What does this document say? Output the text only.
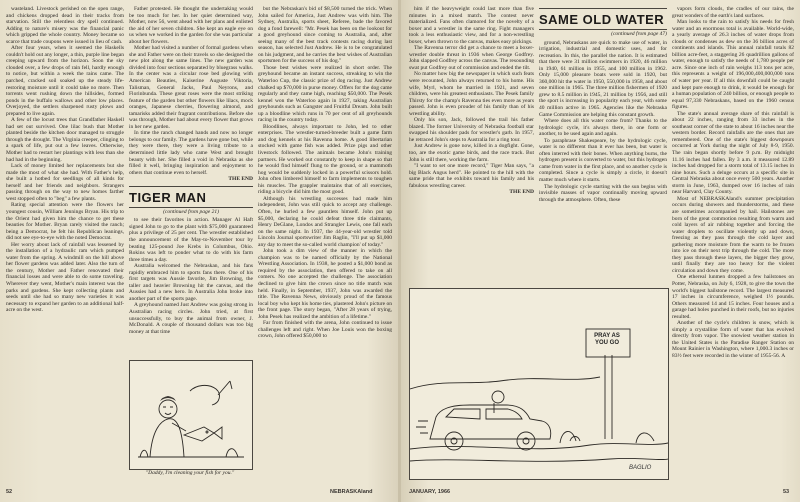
wasteland. Livestock perished on the open range, and chickens dropped dead in their tracks from starvation. Still the relentless dry spell continued. Adding to nature's misery was the financial panic which gripped the whole country. Money became so scarce that trade coupons were issued in lieu of cash.

After four years, when it seemed the Haskells couldn't hold out any longer, a thin, purple line began creeping upward from the horizon. Soon the sky clouded over, a few drops of rain fell, hardly enough to notice, but within a week the rains came. The parched, cracked soil soaked up the steady life-restoring moisture until it could take no more. Then torrents went rushing down the hillsides, formed ponds in the buffalo wallows and other low places. Overjoyed, the settlers sharpened rusty plows and prepared to live again.

A few of the locust trees that Grandfather Haskell had set out survived. One lilac bush that Mother planted beside the kitchen door managed to struggle through the drought. The Virginia creeper, clinging to a spark of life, put out a few leaves. Otherwise, Mother had to restart her plantings with less than she had had in the beginning.

Lack of money limited her replacements but she made the most of what she had. With Father's help, she built a hotbed for seedlings of all kinds for herself and her friends and neighbors. Strangers passing through on the way to new homes farther west stopped often to "beg" a few plants.

Rating special attention were the flowers her youngest cousin, William Jennings Bryan. His trip to the Orient had given him the chance to get these beauties for Mother. Bryan rarely visited the ranch; being a Democrat, he felt his Republican leanings, did not see eye-to-eye with the noted Democrat.

Her worry about lack of rainfall was lessened by the installation of a hydraulic ram which pumped water from the spring. A windmill on the hill above her flower gardens was added later. Also the turn of the century, Mother and Father renovated their financial losses and were able to do some traveling. Wherever they went, Mother's main interest was the parks and gardens. She kept collecting plants and seeds until she had so many new varieties it was necessary to expand her garden to an additional half-acre on the west.

Father protested. He thought the undertaking would be too much for her. In her quiet determined way, Mother, now 56, went ahead with her plans and enlisted the aid of her seven children. She kept an eagle eye on us when we worked in the garden for she was particular about her flowers.

Mother had visited a number of formal gardens when she and Father were on their travels so she designed the new plot along the same lines. The new garden was divided into four sections separated by bluegrass walks. In the center was a circular rose bed glowing with American Beauties, Kaiserine Auguste Viktoria, Talisman, General Jacks, Paul Neyrons, and Florinbunda. These great roses were the most striking feature of the garden but other flowers like lilacs, mock oranges, Japanese cherries, flowering almond, and tamarisks added their fragrant contributions. Before she was through, Mother had about every flower that grows in her new garden.

In time the ranch changed hands and now no longer belongs to our family. The gardens have gone but, while they were there, they were a living tribute to a determined little lady who came West and brought beauty with her. She filled a void in Nebraska as she filled it well, bringing inspiration and enjoyment to others that continue even to herself.

THE END

TIGER MAN
(continued from page 21)

to see their favorites in action. Manager Al Haft signed John to go to the plant with $75,000 guaranteed plus a privilege of 25 per cent. The wrestler established the announcement of the May-to-November tour by beating 125-pound Joe Krebs in Columbus, Ohio. Rokins was left to ponder what to do with his farm three times a day.

Australia welcomed the Nebraskan, and his fans rapidly embraced him to sports fans there. One of his first targets was Aussie favorite, Jim Browning, the taller and heavier Browning hit the canvas, and the Aussies had a new hero. In Australia John broke into another part of the sports page.

A greyhound named Just Andrew was going strong in Australian racing circles. John tried, at first unsuccessfully, to buy the animal from owner, J. McDonald. A couple of thousand dollars was too big money at that time

but the Nebraskan's bid of $8,500 turned the trick. When John sailed for America, Just Andrew was with him. The Sydney, Australia, sports sheet, Referee, bade the favored dog a fond farewell: "Mr. Pesek has been on the lookout for a good greyhound since coming to Australia, and, after seeing many of the best track contests racing during last season, has selected Just Andrew. He is to be congratulated on his judgment, and he carries the best wishes of Australian sportsmen for the success of his dog."

Those best wishes were realized in short order. The greyhound became an instant success, streaking to win the Waterloo Cup, the classic prize of dog racing. Just Andrew chalked up $70,000 in purse money. Offers for the dog came regularly and they came high, reaching $50,000. The Pesek kennel won the Waterloo again in 1927, taking Australian greyhounds such as Gangster and Fruitful Dream. John built up a bloodline which runs in 70 per cent of all greyhounds racing in the country today.

Bloodlines, always important to John, led to other enterprises. The wrestler-turned-breeder built a game farm and dog kennels at his Ravenna home. A good libertarian stocked with game fish was added. Prize pigs and other livestock followed. The animals became John's training partners. He worked out constantly to keep in shape so that he would find himself flung to the ground, or a mammoth hog would be suddenly locked in a powerful scissors hold. John often limbered himself to farm implements to toughen his muscles. The grappler maintains that of all exercises, riding a bicycle did him the most good.

Although his wrestling successes had made him independent, John was still quick to accept any challenge. Often, he hurled a few gauntlets himself. John put up $5,000, declaring he could defeat three title claimants, Henry DeGlane, Londos and Strangler Lewis, one fall each on the same night. In 1937, the 44-year-old wrestler told Lincoln Journal sportswriter Jim Raglin, "I'll put up $1,000 any day to meet the so-called world champion' of today."

John took a dim view of the manner in which the champion was to be named officially by the National Wrestling Association. In 1938, he posted a $1,000 bond as required by the association, then offered to take on all comers. No one accepted the challenge. The association declined to give him the crown since no title match was held. Finally, in September, 1937, John was awarded the title. The Ravenna News, obviously proud of the famous local boy who kept his home ties, plastered John's picture on the front page. The story began, "After 28 years of trying, John Pesek has realized the ambition of a lifetime."

Far from finished with the arena, John continued to issue challenges left and right. When Joe Louis won the boxing crown, John offered $50,000 to

"Daddy, I'm cleaning your fish for you."
52	NEBRASKAland

him if the heavyweight could last more than five minutes in a mixed match. The contest never materialized. Fans often clamored for the novelty of a boxer and a wrestler in the same ring. Fight managers took a less enthusiastic view, and for a non-wrestling boxer, when thrown to the canvas, makes easy pickings.

The Ravenna terror did get a chance to meet a boxer-wrestler double threat in 1936 when George Godfrey. John slapped Godfrey across the canvas. The resounding swat put Godfrey out of commission and ended the tilt.

No matter how big the newspaper in which such feats were recounted, John always returned to his home. His wife, Myrl, whom he married in 1921, and seven children, were his greatest enthusiasts. The Pesek family Thirsty for the champ's Ravenna ties even more as years passed. John is even prouder of his family than of his wrestling ability.

Only his son, Jack, followed the trail his father blazed. The former University of Nebraska football star swapped his shoulder pads for wrestler's garb. In 1957, he retraced John's steps to Australia for a ring tour.

Just Andrew is gone now, killed in a dogfight. Gone, too, are the exotic game birds, and the race track. But John is still there, working the farm.

"I want to set one more record," Tiger Man says, "a big Black Angus herd". He pointed to the hill with the same pride that he exhibits toward his family and his fabulous wrestling career.

THE END

SAME OLD WATER
(continued from page 47)

ground, Nebraskans are quick to make use of water, in irrigation, industrial and domestic uses, and for recreation. In this, the parallel the nation. It is estimated that there were 31 million swimmers in 1920, 46 million in 1940, 61 million in 1955, and 100 million in 1962. Only 15,000 pleasure boats were sold in 1920, but 360,000 hit the water in 1950, 550,000 in 1958, and about one million in 1965. The three million fishermen of 1920 grew to 8.5 million in 1945, 21 million by 1956, and still the sport is increasing in popularity each year, with some 40 million active in 1965. Agencies like the Nebraska Game Commission are helping this constant growth.

Where does all this water come from? Thanks to the hydrologic cycle, it's always there, in one form or another, to be used again and again.

To paraphrase Shakespeare, by the hydrologic cycle, water is no different than it ever has been, but water is often interred with their bones. When anything burns, the hydrogen present is converted to water, but this hydrogen came from water in the first place, and so another cycle is completed. Since a cycle is simply a circle, it doesn't matter much where it starts.

The hydrologic cycle starting with the sun begins with invisible masses of vapor continually moving upward through the atmosphere. Often, these

vapors form clouds, the cradles of our rains, the great wonders of the earth's land surfaces.

Man looks to the rain to satisfy his needs for fresh water and an enormous total is available. World-wide, a yearly average of 26.3 inches of water drops from clouds or condenses as dew on the 36 billion acres of continents and islands. This annual rainfall totals 82 billion acre-feet, a staggering 26 quadrillion gallons of water, enough to satisfy the needs of 1,780 people per acre. Since one inch of rain weighs 113 tons per acre, this represents a weight of 196,000,400,000,000 tons of water per year. If all this downfall could be caught and kept pure enough to drink, it would be enough for a human population of 240 billion, or enough people to equal 97,330 Nebraskans, based on the 1960 census figures.

The state's annual average share of this rainfall is about 22 inches, ranging from 33 inches in the southeast corner of the state to about 16 inches near the western border. Record rainfalls are the ones that are remembered. One of the state's biggest downpours occurred at York during the night of July 8-9, 1950. The rain began shortly before 9 p.m. By midnight 11.16 inches had fallen. By 3 a.m. it measured 12.89 inches had dropped for a storm total of 13.15 inches in nine hours. Such a deluge occurs at a specific site in Central Nebraska about once every 500 years. Another storm in June, 1963, dumped over 16 inches of rain near Harvard, Clay County.

Most of NEBRASKAland's summer precipitation occurs during showers and thunderstorms, and these are sometimes accompanied by hail. Hailstones are born of the great commotion resulting from warm and cold layers of air rubbing together and forcing the water droplets to oscillate violently up and down, freezing as they pass through the cold layer and gathering more moisture from the warm to be frozen into ice on their next trip through the cold. The more they pass through these layers, the bigger they grow, until finally they are too heavy for the violent circulation and down they come.

One ethereal lunmen dropped a few hailstones on Potter, Nebraska, on July 6, 1928, to give the town the world's biggest hailstone record. The largest measured 17 inches in circumference, weighed 1½ pounds. Others measured 14 and 15 inches. Four houses and a garage had holes punched in their roofs, but no injuries resulted.

Another of the cycle's children is snow, which is simply a crystalline form of water that has evolved directly from vapor. The snowiest weather station in the United States is the Paradise Ranger Station on Mount Rainier in Washington, where 1,000.3 inches or 83½ feet were recorded in the winter of 1955-56. A

PRAY AS YOU GO
BAGLIO
JANUARY, 1966	53
